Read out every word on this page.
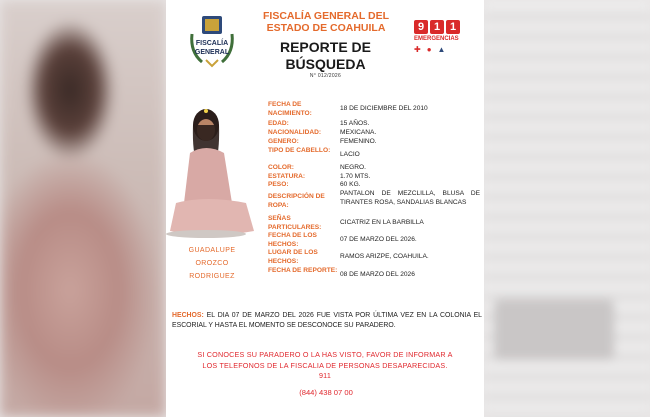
FISCALÍA
GENERAL
FISCALÍA GENERAL DEL
ESTADO DE COAHUILA
REPORTE DE
BÚSQUEDA
N° 012/2026
9 1 1
EMERGENCIAS
✚ ● ▲
GUADALUPE
OROZCO
RODRIGUEZ
FECHA DE NACIMIENTO:
18 DE DICIEMBRE DEL 2010
EDAD:	15 AÑOS.
NACIONALIDAD:	MEXICANA.
GENERO:	FEMENINO.
TIPO DE CABELLO:
LACIO
COLOR:	NEGRO.
ESTATURA:	1.70 MTS.
PESO:	60 KG.
DESCRIPCIÓN DE ROPA:
PANTALON DE MEZCLILLA, BLUSA DE TIRANTES ROSA, SANDALIAS BLANCAS
SEÑAS PARTICULARES:
CICATRIZ EN LA BARBILLA
FECHA DE LOS HECHOS:
07 DE MARZO DEL 2026.
LUGAR DE LOS HECHOS:
RAMOS ARIZPE, COAHUILA.
FECHA DE REPORTE:
08 DE MARZO DEL 2026
HECHOS: EL DIA 07 DE MARZO DEL 2026 FUE VISTA POR ÚLTIMA VEZ EN LA COLONIA EL ESCORIAL Y HASTA EL MOMENTO SE DESCONOCE SU PARADERO.
SI CONOCES SU PARADERO O LA HAS VISTO, FAVOR DE INFORMAR A
LOS TELEFONOS DE LA FISCALIA DE PERSONAS DESAPARECIDAS.
911
(844) 438 07 00
